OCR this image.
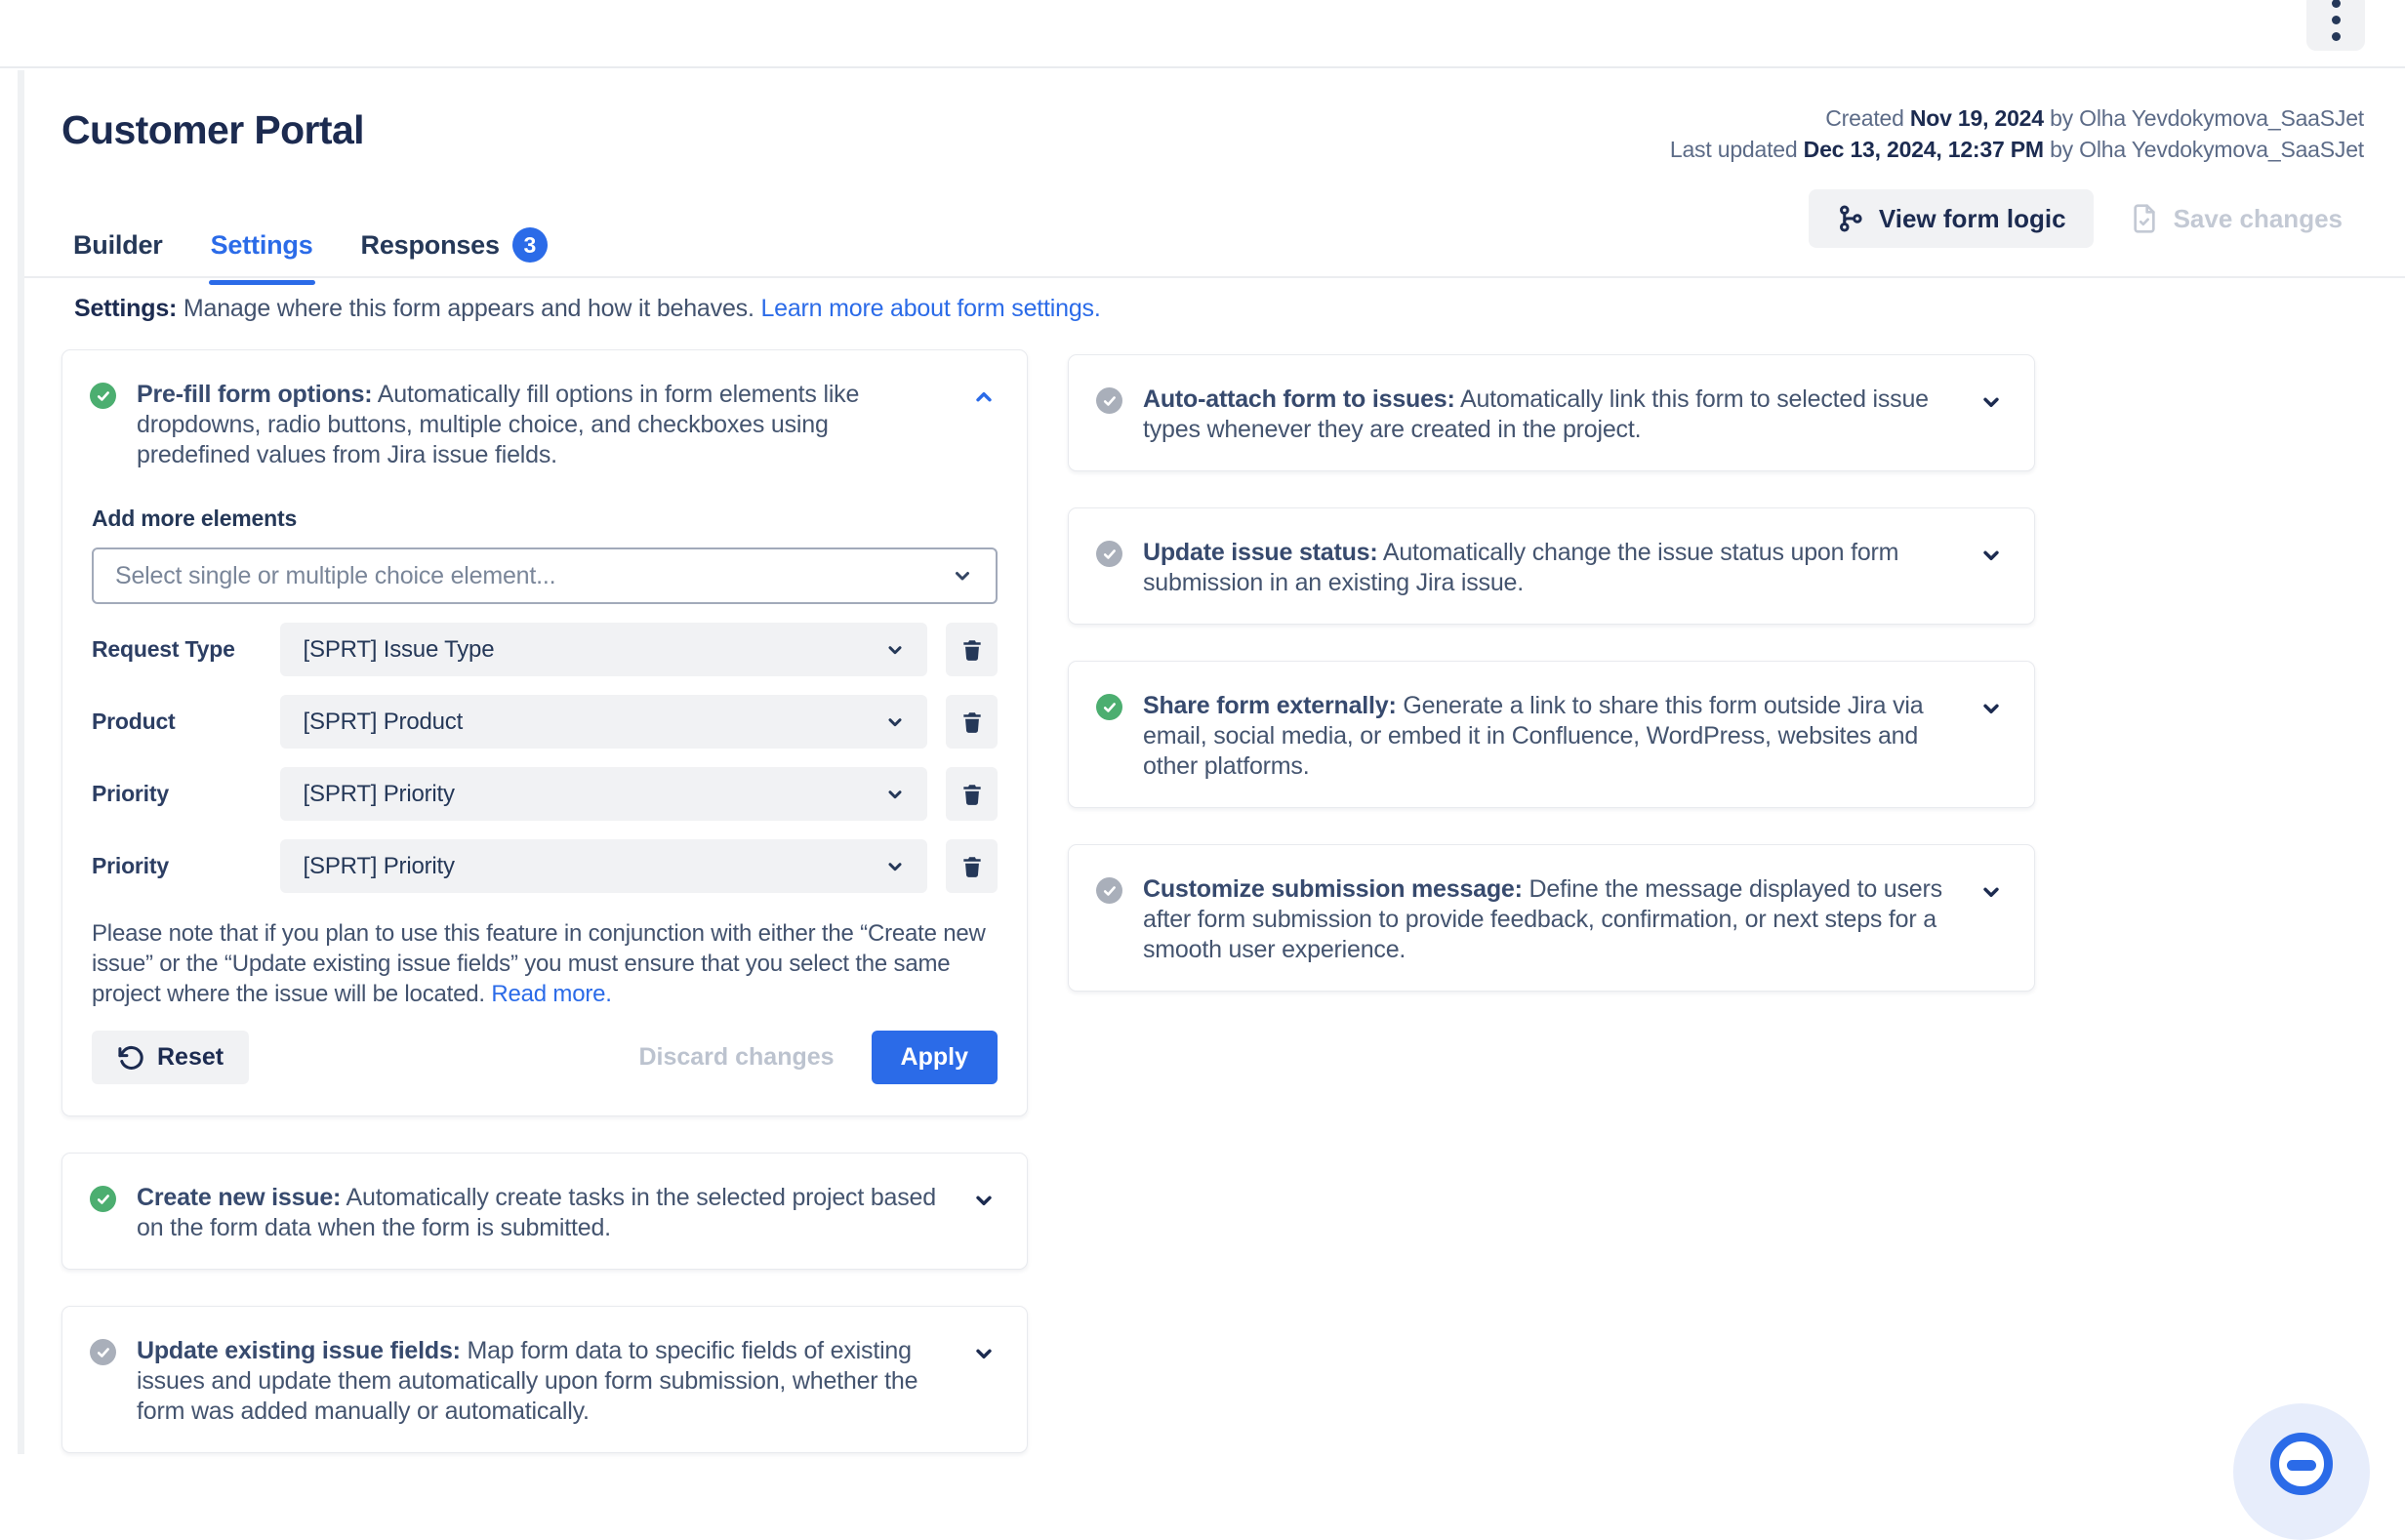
Customer Portal	Created Nov 19, 2024 by Olha Yevdokymova_SaaSJet
Last updated Dec 13, 2024, 12:37 PM by Olha Yevdokymova_SaaSJet
View form logic	Save changes
Builder Settings Responses	3

Settings: Manage where this form appears and how it behaves. Learn more about form settings.

Pre-fill form options: Automatically fill options in form elements like dropdowns, radio buttons, multiple choice, and checkboxes using predefined values from Jira issue fields.

Add more elements
Select single or multiple choice element...
Request Type	[SPRT] Issue Type
Product	[SPRT] Product
Priority	[SPRT] Priority
Priority	[SPRT] Priority

Please note that if you plan to use this feature in conjunction with either the “Create new issue” or the “Update existing issue fields” you must ensure that you select the same project where the issue will be located. Read more.

Reset	Discard changes	Apply

Create new issue: Automatically create tasks in the selected project based on the form data when the form is submitted.

Update existing issue fields: Map form data to specific fields of existing issues and update them automatically upon form submission, whether the form was added manually or automatically.

Auto-attach form to issues: Automatically link this form to selected issue types whenever they are created in the project.

Update issue status: Automatically change the issue status upon form submission in an existing Jira issue.

Share form externally: Generate a link to share this form outside Jira via email, social media, or embed it in Confluence, WordPress, websites and other platforms.

Customize submission message: Define the message displayed to users after form submission to provide feedback, confirmation, or next steps for a smooth user experience.
